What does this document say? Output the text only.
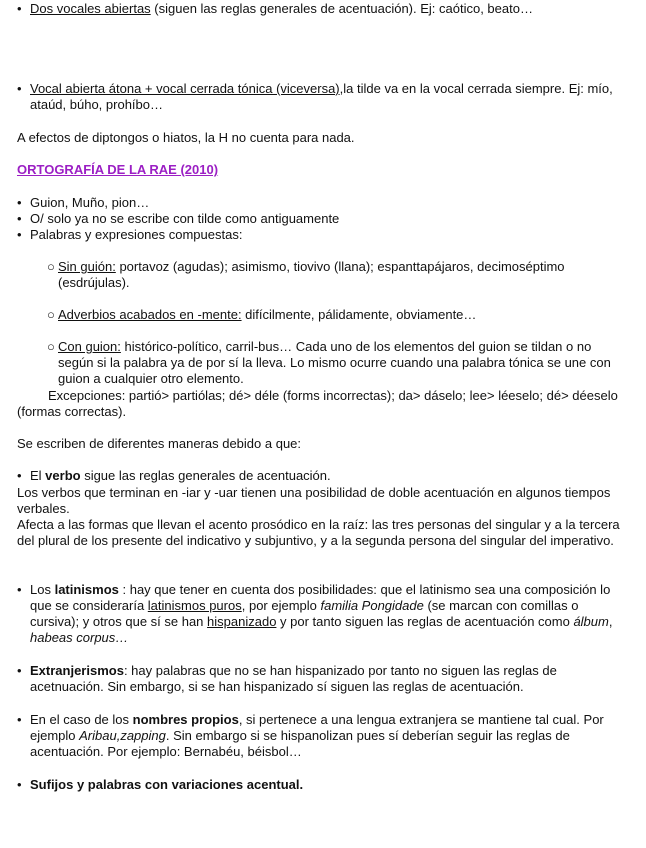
• Dos vocales abiertas (siguen las reglas generales de acentuación). Ej: caótico, beato…
• Vocal abierta átona + vocal cerrada tónica (viceversa),la tilde va en la vocal cerrada siempre. Ej: mío, ataúd, búho, prohíbo…
A efectos de diptongos o hiatos, la H no cuenta para nada.
ORTOGRAFÍA DE LA RAE (2010)
• Guion, Muño, pion…
• O/ solo ya no se escribe con tilde como antiguamente
• Palabras y expresiones compuestas:
○ Sin guión: portavoz (agudas); asimismo, tiovivo (llana); espanttapájaros, decimoséptimo (esdrújulas).
○ Adverbios acabados en -mente: difícilmente, pálidamente, obviamente…
○ Con guion: histórico-político, carril-bus… Cada uno de los elementos del guion se tildan o no según si la palabra ya de por sí la lleva. Lo mismo ocurre cuando una palabra tónica se une con guion a cualquier otro elemento.
Excepciones: partió> partiólas; dé> déle (forms incorrectas); da> dáselo; lee> léeselo; dé> déeselo (formas correctas).
Se escriben de diferentes maneras debido a que:
• El verbo sigue las reglas generales de acentuación.
Los verbos que terminan en -iar y -uar tienen una posibilidad de doble acentuación en algunos tiempos verbales.
Afecta a las formas que llevan el acento prosódico en la raíz: las tres personas del singular y a la tercera del plural de los presente del indicativo y subjuntivo, y a la segunda persona del singular del imperativo.
• Los latinismos : hay que tener en cuenta dos posibilidades: que el latinismo sea una composición lo que se consideraría latinismos puros, por ejemplo familia Pongidade (se marcan con comillas o cursiva); y otros que sí se han hispanizado y por tanto siguen las reglas de acentuación como álbum, habeas corpus…
• Extranjerismos: hay palabras que no se han hispanizado por tanto no siguen las reglas de acetnuación. Sin embargo, si se han hispanizado sí siguen las reglas de acentuación.
• En el caso de los nombres propios, si pertenece a una lengua extranjera se mantiene tal cual. Por ejemplo Aribau,zapping. Sin embargo si se hispanolizan pues sí deberían seguir las reglas de acentuación. Por ejemplo: Bernabéu, béisbol…
• Sufijos y palabras con variaciones acentual.
